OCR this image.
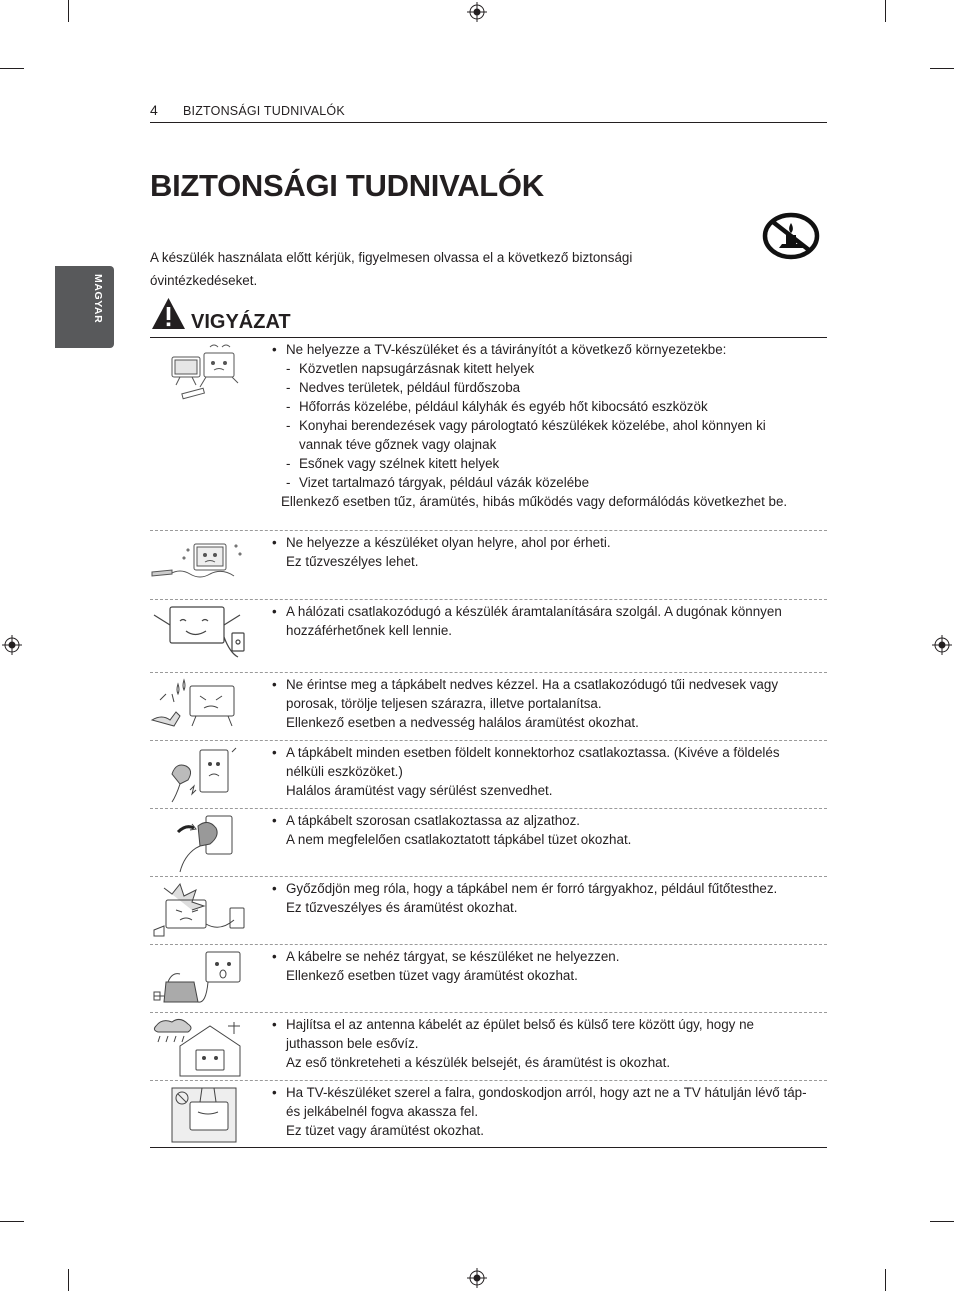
4 BIZTONSÁGI TUDNIVALÓK
MAGYAR
BIZTONSÁGI TUDNIVALÓK

A készülék használata előtt kérjük, figyelmesen olvassa el a következő biztonsági óvintézkedéseket.

VIGYÁZAT
• Ne helyezze a TV-készüléket és a távirányítót a következő környezetekbe:
- Közvetlen napsugárzásnak kitett helyek
- Nedves területek, például fürdőszoba
- Hőforrás közelébe, például kályhák és egyéb hőt kibocsátó eszközök
- Konyhai berendezések vagy párologtató készülékek közelébe, ahol könnyen ki vannak téve gőznek vagy olajnak
- Esőnek vagy szélnek kitett helyek
- Vizet tartalmazó tárgyak, például vázák közelébe
Ellenkező esetben tűz, áramütés, hibás működés vagy deformálódás következhet be.
• Ne helyezze a készüléket olyan helyre, ahol por érheti.
Ez tűzveszélyes lehet.
• A hálózati csatlakozódugó a készülék áramtalanítására szolgál. A dugónak könnyen hozzáférhetőnek kell lennie.
• Ne érintse meg a tápkábelt nedves kézzel. Ha a csatlakozódugó tűi nedvesek vagy porosak, törölje teljesen szárazra, illetve portalanítsa.
Ellenkező esetben a nedvesség halálos áramütést okozhat.
• A tápkábelt minden esetben földelt konnektorhoz csatlakoztassa. (Kivéve a földelés nélküli eszközöket.)
Halálos áramütést vagy sérülést szenvedhet.
• A tápkábelt szorosan csatlakoztassa az aljzathoz.
A nem megfelelően csatlakoztatott tápkábel tüzet okozhat.
• Győződjön meg róla, hogy a tápkábel nem ér forró tárgyakhoz, például fűtőtesthez.
Ez tűzveszélyes és áramütést okozhat.
• A kábelre se nehéz tárgyat, se készüléket ne helyezzen.
Ellenkező esetben tüzet vagy áramütést okozhat.
• Hajlítsa el az antenna kábelét az épület belső és külső tere között úgy, hogy ne juthasson bele esővíz.
Az eső tönkreteheti a készülék belsejét, és áramütést is okozhat.
• Ha TV-készüléket szerel a falra, gondoskodjon arról, hogy azt ne a TV hátulján lévő táp- és jelkábelnél fogva akassza fel.
Ez tüzet vagy áramütést okozhat.
